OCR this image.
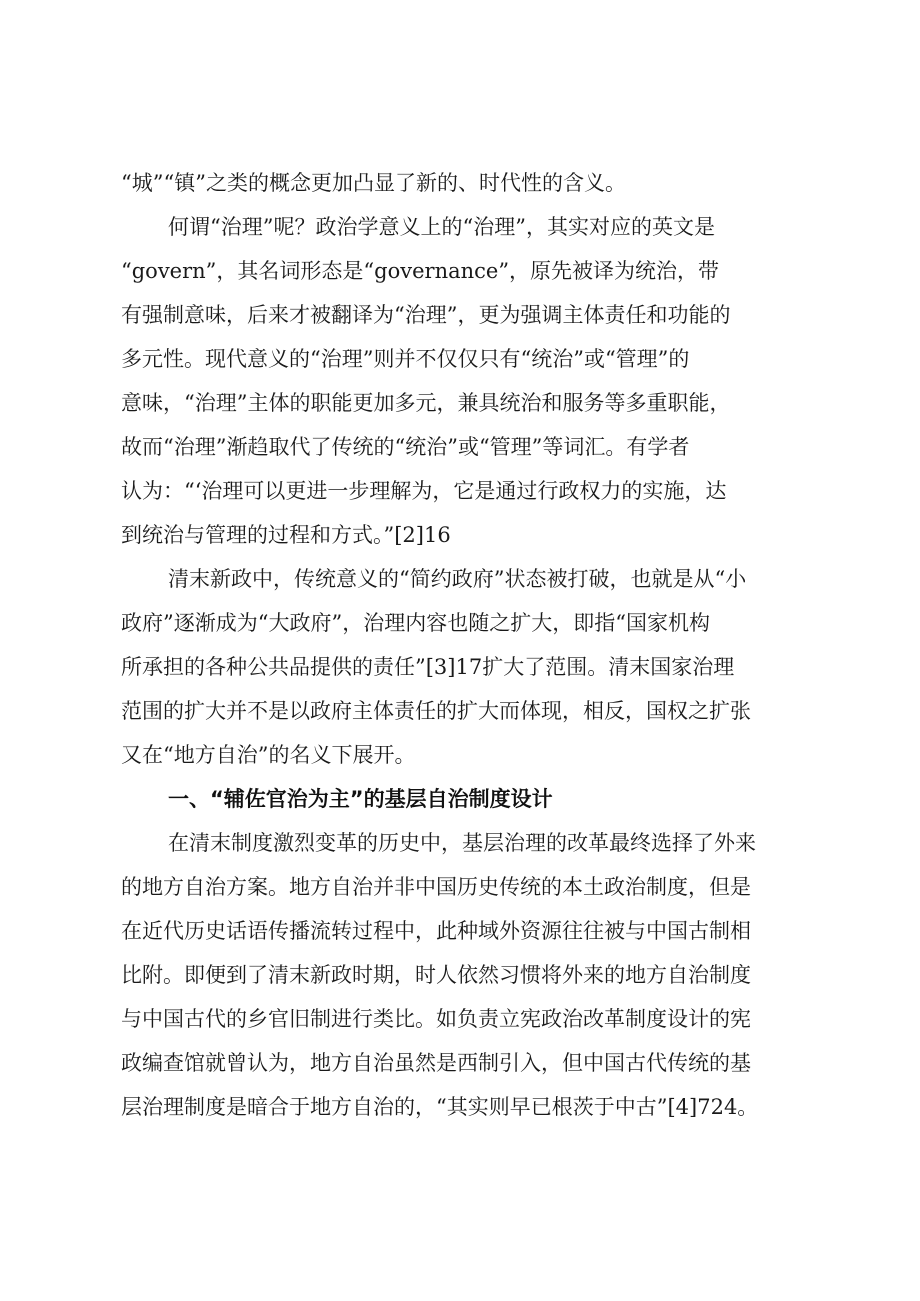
“城”“镇”之类的概念更加凸显了新的、时代性的含义。
何谓“治理”呢？政治学意义上的“治理”，其实对应的英文是
“govern”，其名词形态是“governance”，原先被译为统治，带
有强制意味，后来才被翻译为“治理”，更为强调主体责任和功能的
多元性。现代意义的“治理”则并不仅仅只有“统治”或“管理”的
意味，“治理”主体的职能更加多元，兼具统治和服务等多重职能，
故而“治理”渐趋取代了传统的“统治”或“管理”等词汇。有学者
认为：“‘治理可以更进一步理解为，它是通过行政权力的实施，达
到统治与管理的过程和方式。”[2]16
清末新政中，传统意义的“简约政府”状态被打破，也就是从“小
政府”逐渐成为“大政府”，治理内容也随之扩大，即指“国家机构
所承担的各种公共品提供的责任”[3]17扩大了范围。清末国家治理
范围的扩大并不是以政府主体责任的扩大而体现，相反，国权之扩张
又在“地方自治”的名义下展开。
一、“辅佐官治为主”的基层自治制度设计
在清末制度激烈变革的历史中，基层治理的改革最终选择了外来
的地方自治方案。地方自治并非中国历史传统的本土政治制度，但是
在近代历史话语传播流转过程中，此种域外资源往往被与中国古制相
比附。即便到了清末新政时期，时人依然习惯将外来的地方自治制度
与中国古代的乡官旧制进行类比。如负责立宪政治改革制度设计的宪
政编查馆就曾认为，地方自治虽然是西制引入，但中国古代传统的基
层治理制度是暗合于地方自治的，“其实则早已根茨于中古”[4]724。
